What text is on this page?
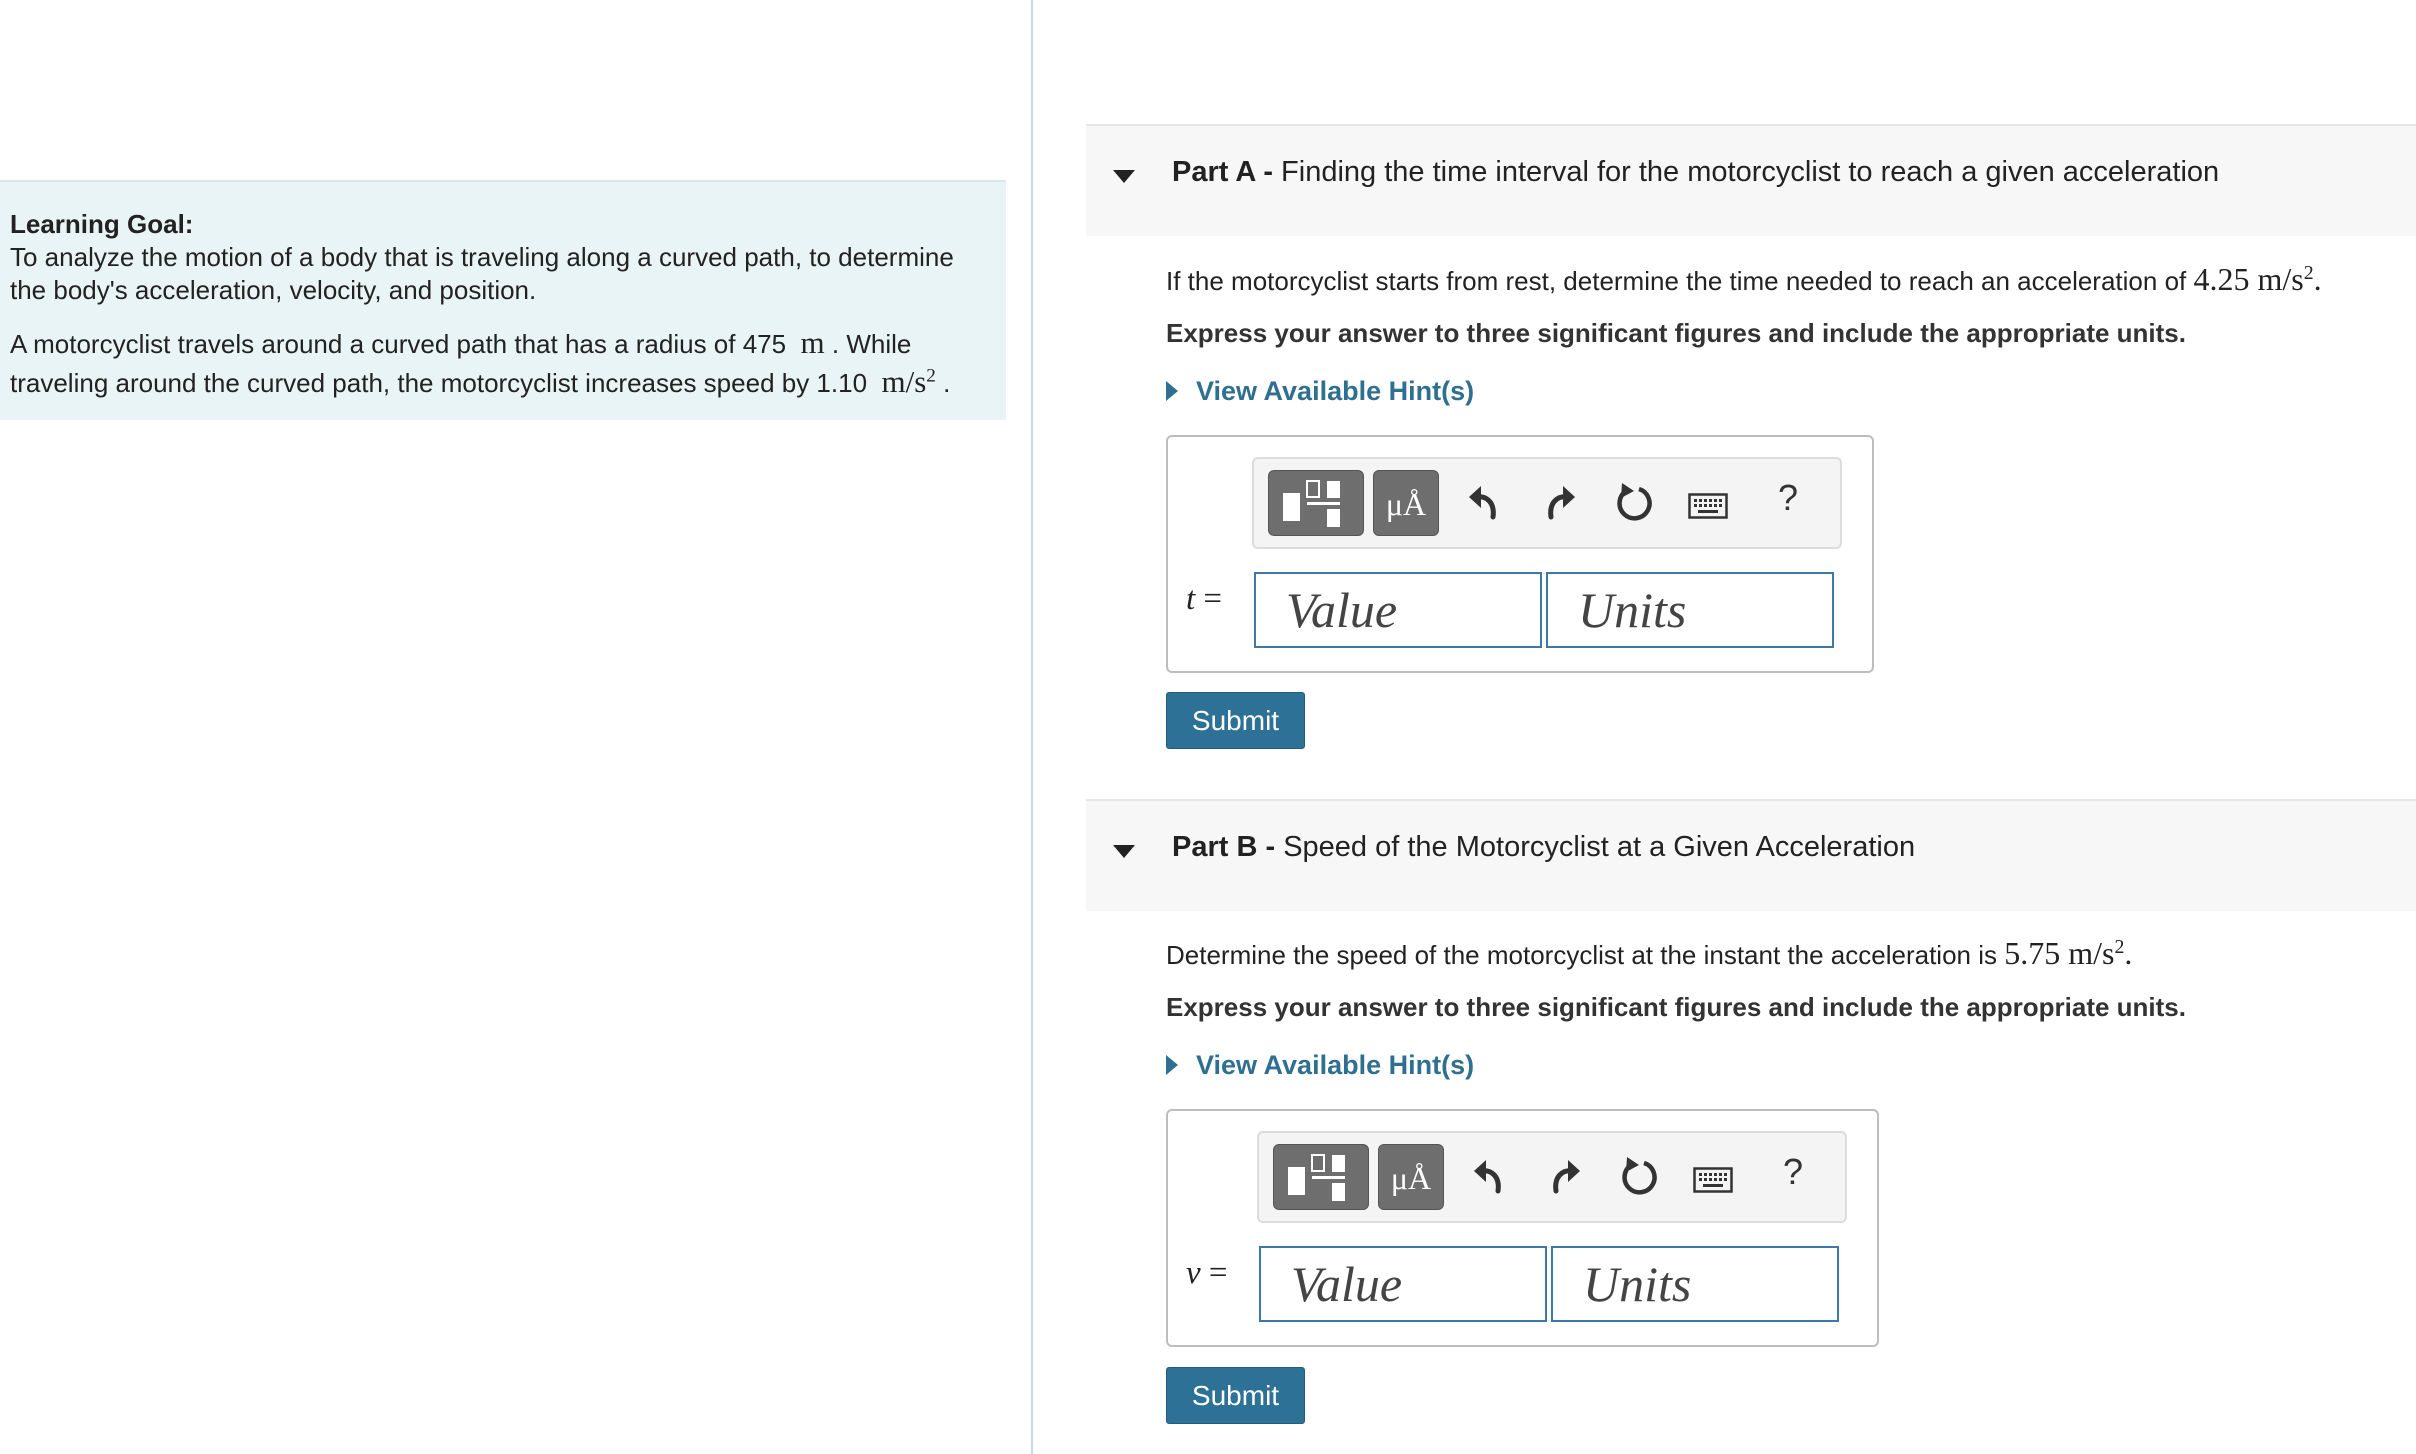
Learning Goal:

To analyze the motion of a body that is traveling along a curved path, to determine the body's acceleration, velocity, and position.

A motorcyclist travels around a curved path that has a radius of 475 m . While traveling around the curved path, the motorcyclist increases speed by 1.10 $m/s^2$ .

Part A - Finding the time interval for the motorcyclist to reach a given acceleration
If the motorcyclist starts from rest, determine the time needed to reach an acceleration of 4.25 $m/s^2$.
Express your answer to three significant figures and include the appropriate units.
View Available Hint(s)
μÅ	?
t =
Value
Units
Submit
Part B - Speed of the Motorcyclist at a Given Acceleration
Determine the speed of the motorcyclist at the instant the acceleration is 5.75 $m/s^2$.
Express your answer to three significant figures and include the appropriate units.
View Available Hint(s)
μÅ	?
v =
Value
Units
Submit
